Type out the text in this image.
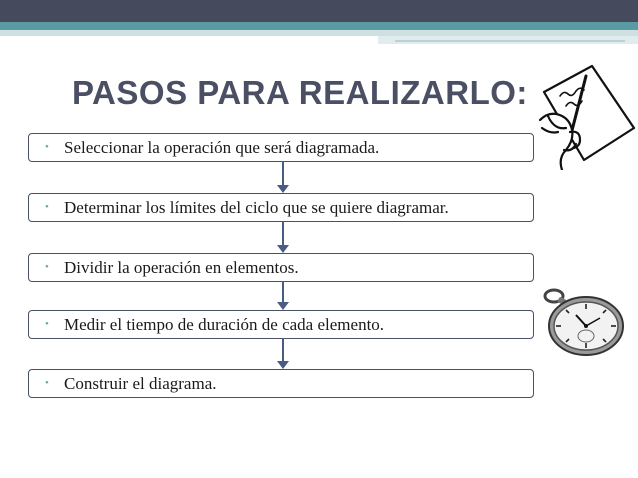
PASOS PARA REALIZARLO:
• Seleccionar la operación que será diagramada.
• Determinar los límites del ciclo que se quiere diagramar.
• Dividir la operación en elementos.
• Medir el tiempo de duración de cada elemento.
• Construir el diagrama.
